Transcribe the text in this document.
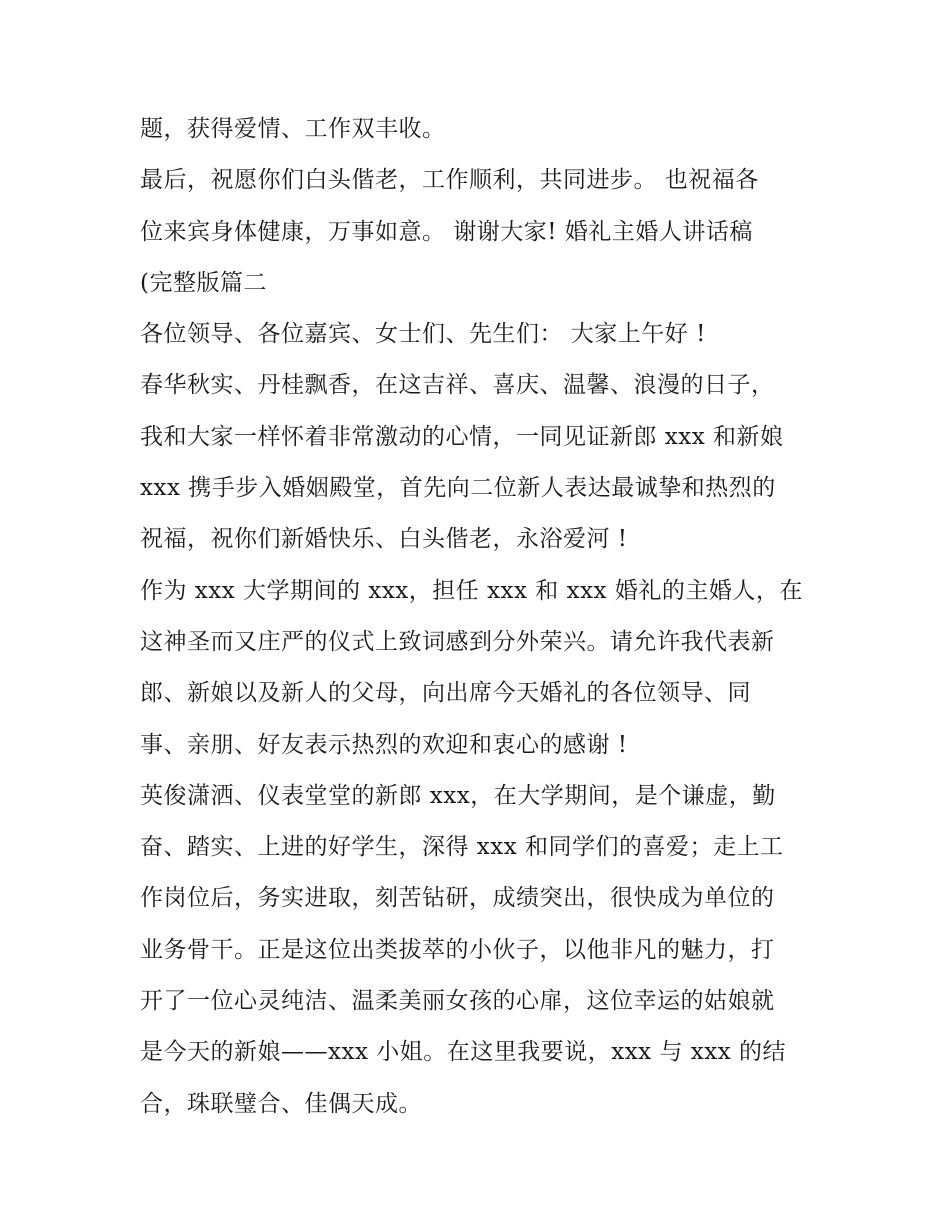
题，获得爱情、工作双丰收。
最后，祝愿你们白头偕老，工作顺利，共同进步。 也祝福各
位来宾身体健康，万事如意。 谢谢大家! 婚礼主婚人讲话稿
(完整版篇二
各位领导、各位嘉宾、女士们、先生们： 大家上午好 !
春华秋实、丹桂飘香，在这吉祥、喜庆、温馨、浪漫的日子，
我和大家一样怀着非常激动的心情，一同见证新郎 xxx 和新娘
xxx 携手步入婚姻殿堂，首先向二位新人表达最诚挚和热烈的
祝福，祝你们新婚快乐、白头偕老，永浴爱河 !
作为 xxx 大学期间的 xxx，担任 xxx 和 xxx 婚礼的主婚人，在
这神圣而又庄严的仪式上致词感到分外荣兴。请允许我代表新
郎、新娘以及新人的父母，向出席今天婚礼的各位领导、同
事、亲朋、好友表示热烈的欢迎和衷心的感谢 !
英俊潇洒、仪表堂堂的新郎 xxx，在大学期间，是个谦虚，勤
奋、踏实、上进的好学生，深得 xxx 和同学们的喜爱；走上工
作岗位后，务实进取，刻苦钻研，成绩突出，很快成为单位的
业务骨干。正是这位出类拔萃的小伙子，以他非凡的魅力，打
开了一位心灵纯洁、温柔美丽女孩的心扉，这位幸运的姑娘就
是今天的新娘——xxx 小姐。在这里我要说，xxx 与 xxx 的结
合，珠联璧合、佳偶天成。
